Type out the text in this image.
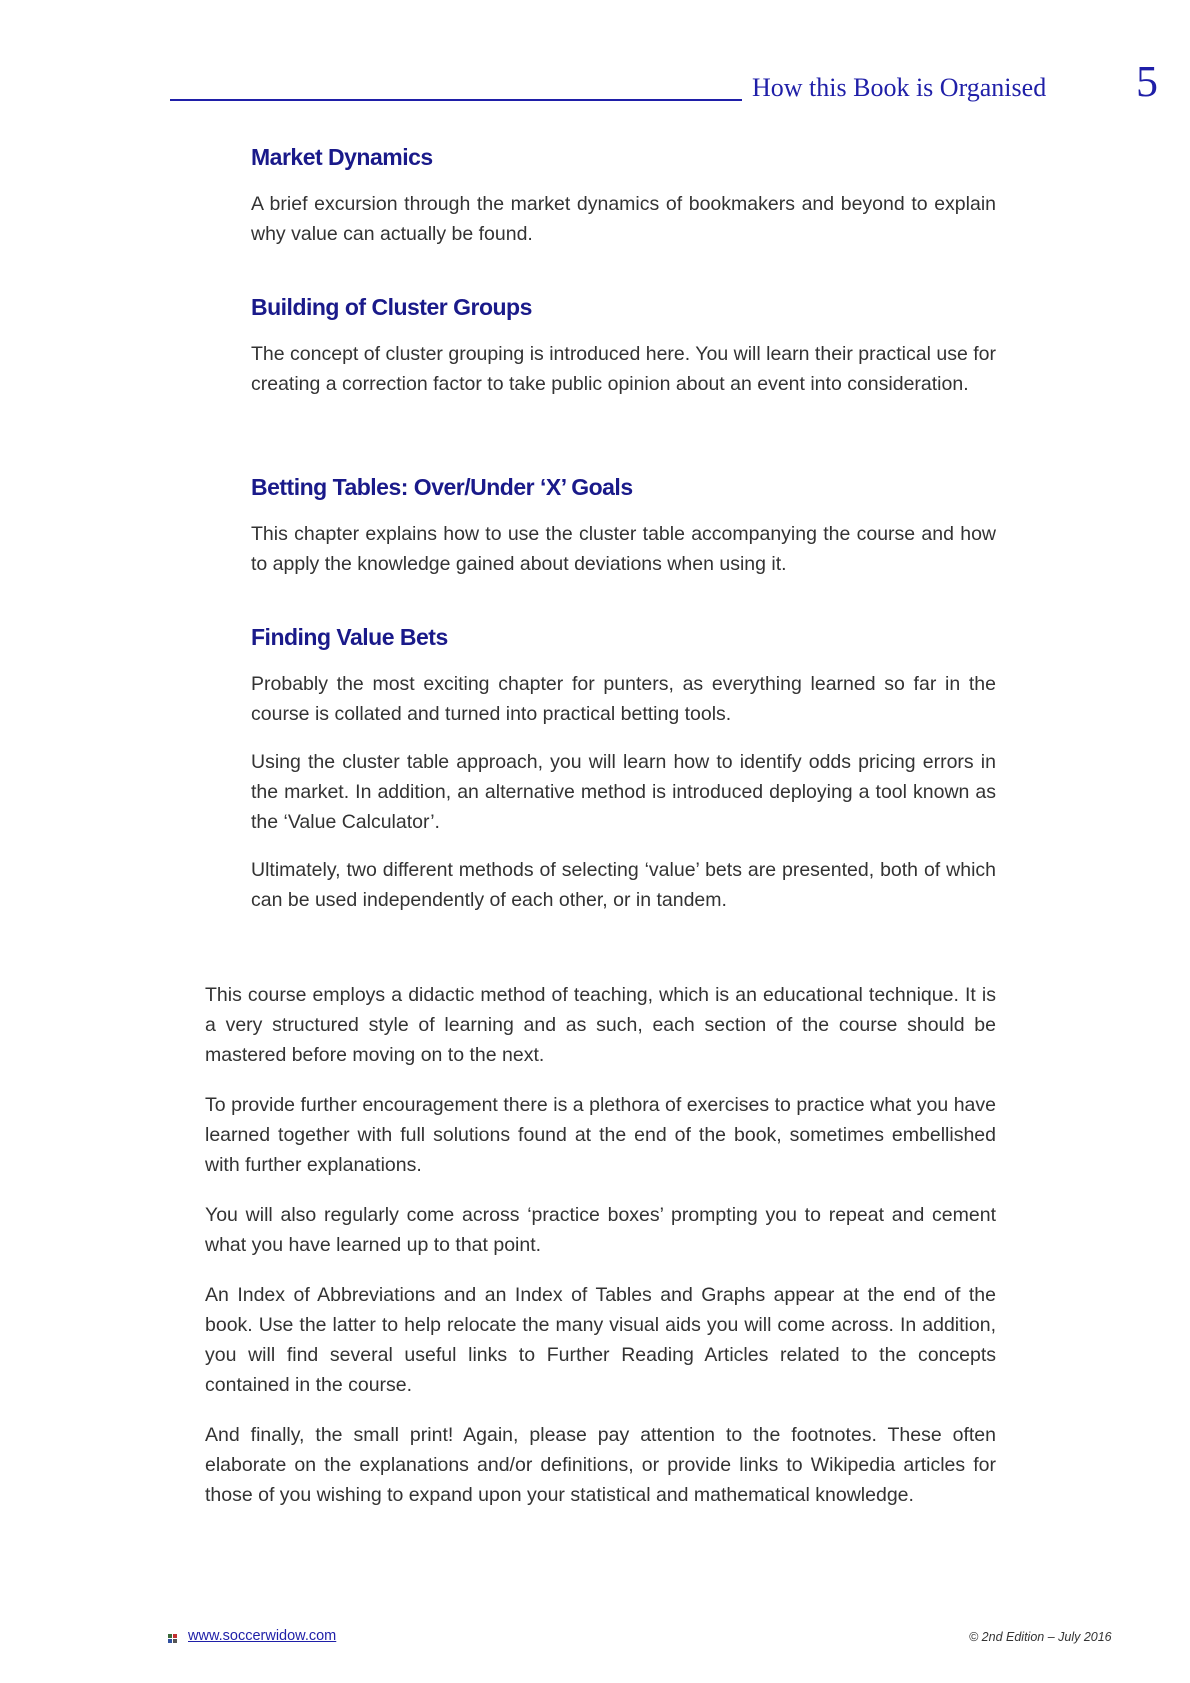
How this Book is Organised 5
Market Dynamics

A brief excursion through the market dynamics of bookmakers and beyond to explain why value can actually be found.

Building of Cluster Groups

The concept of cluster grouping is introduced here. You will learn their practical use for creating a correction factor to take public opinion about an event into consideration.

Betting Tables: Over/Under ‘X’ Goals

This chapter explains how to use the cluster table accompanying the course and how to apply the knowledge gained about deviations when using it.

Finding Value Bets

Probably the most exciting chapter for punters, as everything learned so far in the course is collated and turned into practical betting tools.

Using the cluster table approach, you will learn how to identify odds pricing errors in the market. In addition, an alternative method is introduced deploying a tool known as the ‘Value Calculator’.

Ultimately, two different methods of selecting ‘value’ bets are presented, both of which can be used independently of each other, or in tandem.

This course employs a didactic method of teaching, which is an educational technique. It is a very structured style of learning and as such, each section of the course should be mastered before moving on to the next.

To provide further encouragement there is a plethora of exercises to practice what you have learned together with full solutions found at the end of the book, sometimes embellished with further explanations.

You will also regularly come across ‘practice boxes’ prompting you to repeat and cement what you have learned up to that point.

An Index of Abbreviations and an Index of Tables and Graphs appear at the end of the book. Use the latter to help relocate the many visual aids you will come across. In addition, you will find several useful links to Further Reading Articles related to the concepts contained in the course.

And finally, the small print! Again, please pay attention to the footnotes. These often elaborate on the explanations and/or definitions, or provide links to Wikipedia articles for those of you wishing to expand upon your statistical and mathematical knowledge.

www.soccerwidow.com	© 2nd Edition – July 2016
